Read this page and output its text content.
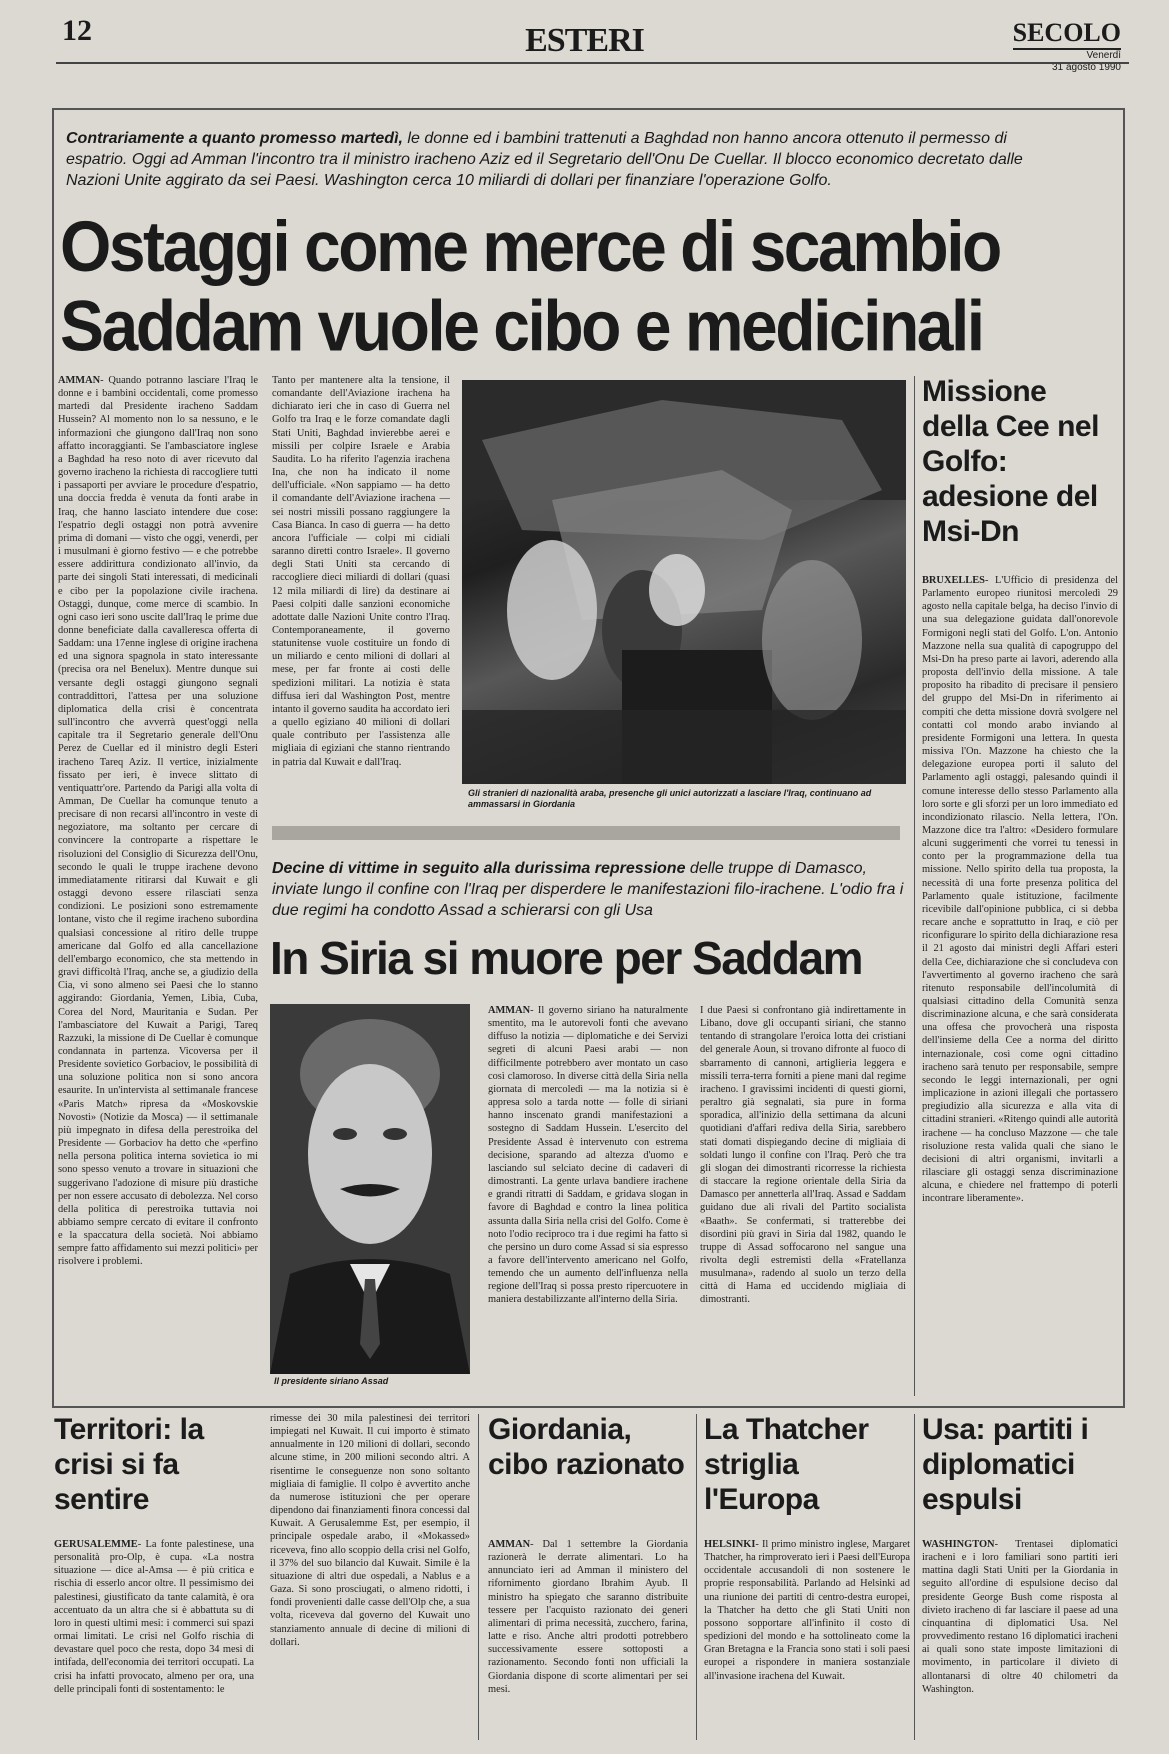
12	ESTERI	SECOLO
Venerdì
31 agosto 1990
Contrariamente a quanto promesso martedì, le donne ed i bambini trattenuti a Baghdad non hanno ancora ottenuto il permesso di espatrio. Oggi ad Amman l'incontro tra il ministro iracheno Aziz ed il Segretario dell'Onu De Cuellar. Il blocco economico decretato dalle Nazioni Unite aggirato da sei Paesi. Washington cerca 10 miliardi di dollari per finanziare l'operazione Golfo.
Ostaggi come merce di scambio
Saddam vuole cibo e medicinali
AMMAN- Quando potranno lasciare l'Iraq le donne e i bambini occidentali, come promesso martedì dal Presidente iracheno Saddam Hussein? Al momento non lo sa nessuno, e le informazioni che giungono dall'Iraq non sono affatto incoraggianti. Se l'ambasciatore inglese a Baghdad ha reso noto di aver ricevuto dal governo iracheno la richiesta di raccogliere tutti i passaporti per avviare le procedure d'espatrio, una doccia fredda è venuta da fonti arabe in Iraq, che hanno lasciato intendere due cose: l'espatrio degli ostaggi non potrà avvenire prima di domani — visto che oggi, venerdì, per i musulmani è giorno festivo — e che potrebbe essere addirittura condizionato all'invio, da parte dei singoli Stati interessati, di medicinali e cibo per la popolazione civile irachena. Ostaggi, dunque, come merce di scambio. In ogni caso ieri sono uscite dall'Iraq le prime due donne beneficiate dalla cavalleresca offerta di Saddam: una 17enne inglese di origine irachena ed una signora spagnola in stato interessante (precisa ora nel Benelux). Mentre dunque sui versante degli ostaggi giungono segnali contraddittori, l'attesa per una soluzione diplomatica della crisi è concentrata sull'incontro che avverrà quest'oggi nella capitale tra il Segretario generale dell'Onu Perez de Cuellar ed il ministro degli Esteri iracheno Tareq Aziz. Il vertice, inizialmente fissato per ieri, è invece slittato di ventiquattr'ore. Partendo da Parigi alla volta di Amman, De Cuellar ha comunque tenuto a precisare di non recarsi all'incontro in veste di negoziatore, ma soltanto per cercare di convincere la controparte a rispettare le risoluzioni del Consiglio di Sicurezza dell'Onu, secondo le quali le truppe irachene devono immediatamente ritirarsi dal Kuwait e gli ostaggi devono essere rilasciati senza condizioni. Le posizioni sono estremamente lontane, visto che il regime iracheno subordina qualsiasi concessione al ritiro delle truppe americane dal Golfo ed alla cancellazione dell'embargo economico, che sta mettendo in gravi difficoltà l'Iraq, anche se, a giudizio della Cia, vi sono almeno sei Paesi che lo stanno aggirando: Giordania, Yemen, Libia, Cuba, Corea del Nord, Mauritania e Sudan. Per l'ambasciatore del Kuwait a Parigi, Tareq Razzuki, la missione di De Cuellar è comunque condannata in partenza. Vicoversa per il Presidente sovietico Gorbaciov, le possibilità di una soluzione politica non si sono ancora esaurite. In un'intervista al settimanale francese «Paris Match» ripresa da «Moskovskie Novosti» (Notizie da Mosca) — il settimanale più impegnato in difesa della perestroika del Presidente — Gorbaciov ha detto che «perfino nella persona politica interna sovietica io mi sono spesso venuto a trovare in situazioni che suggerivano l'adozione di misure più drastiche per non essere accusato di debolezza. Nel corso della politica di perestroika tuttavia noi abbiamo sempre cercato di evitare il confronto e la spaccatura della società. Noi abbiamo sempre fatto affidamento sui mezzi politici» per risolvere i problemi.
Tanto per mantenere alta la tensione, il comandante dell'Aviazione irachena ha dichiarato ieri che in caso di Guerra nel Golfo tra Iraq e le forze comandate dagli Stati Uniti, Baghdad invierebbe aerei e missili per colpire Israele e Arabia Saudita. Lo ha riferito l'agenzia irachena Ina, che non ha indicato il nome dell'ufficiale. «Non sappiamo — ha detto il comandante dell'Aviazione irachena — sei nostri missili possano raggiungere la Casa Bianca. In caso di guerra — ha detto ancora l'ufficiale — colpi mi cidiali saranno diretti contro Israele». Il governo degli Stati Uniti sta cercando di raccogliere dieci miliardi di dollari (quasi 12 mila miliardi di lire) da destinare ai Paesi colpiti dalle sanzioni economiche adottate dalle Nazioni Unite contro l'Iraq. Contemporaneamente, il governo statunitense vuole costituire un fondo di un miliardo e cento milioni di dollari al mese, per far fronte ai costi delle spedizioni militari. La notizia è stata diffusa ieri dal Washington Post, mentre intanto il governo saudita ha accordato ieri a quello egiziano 40 milioni di dollari quale contributo per l'assistenza alle migliaia di egiziani che stanno rientrando in patria dal Kuwait e dall'Iraq.
Gli stranieri di nazionalità araba, presenche gli unici autorizzati a lasciare l'Iraq, continuano ad ammassarsi in Giordania
Missione della Cee nel Golfo: adesione del Msi-Dn
BRUXELLES- L'Ufficio di presidenza del Parlamento europeo riunitosi mercoledì 29 agosto nella capitale belga, ha deciso l'invio di una sua delegazione guidata dall'onorevole Formigoni negli stati del Golfo. L'on. Antonio Mazzone nella sua qualità di capogruppo del Msi-Dn ha preso parte ai lavori, aderendo alla proposta dell'invio della missione. A tale proposito ha ribadito di precisare il pensiero del gruppo del Msi-Dn in riferimento ai compiti che detta missione dovrà svolgere nel contatti col mondo arabo inviando al presidente Formigoni una lettera. In questa missiva l'On. Mazzone ha chiesto che la delegazione europea porti il saluto del Parlamento agli ostaggi, palesando quindi il comune interesse dello stesso Parlamento alla loro sorte e gli sforzi per un loro immediato ed incondizionato rilascio. Nella lettera, l'On. Mazzone dice tra l'altro: «Desidero formulare alcuni suggerimenti che vorrei tu tenessi in conto per la programmazione della tua missione. Nello spirito della tua proposta, la necessità di una forte presenza politica del Parlamento quale istituzione, facilmente ricevibile dall'opinione pubblica, ci si debba recare anche e soprattutto in Iraq, e ciò per riconfigurare lo spirito della dichiarazione resa il 21 agosto dai ministri degli Affari esteri della Cee, dichiarazione che si concludeva con l'avvertimento al governo iracheno che sarà ritenuto responsabile dell'incolumità di qualsiasi cittadino della Comunità senza discriminazione alcuna, e che sarà considerata una offesa che provocherà una risposta dell'insieme della Cee a norma del diritto internazionale, così come ogni cittadino iracheno sarà tenuto per responsabile, sempre secondo le leggi internazionali, per ogni implicazione in azioni illegali che portassero pregiudizio alla sicurezza e alla vita di cittadini stranieri. «Ritengo quindi alle autorità irachene — ha concluso Mazzone — che tale risoluzione resta valida quali che siano le decisioni di altri organismi, invitarli a rilasciare gli ostaggi senza discriminazione alcuna, e chiedere nel frattempo di poterli incontrare liberamente».
Decine di vittime in seguito alla durissima repressione delle truppe di Damasco, inviate lungo il confine con l'Iraq per disperdere le manifestazioni filo-irachene. L'odio fra i due regimi ha condotto Assad a schierarsi con gli Usa
In Siria si muore per Saddam
Il presidente siriano Assad
AMMAN- Il governo siriano ha naturalmente smentito, ma le autorevoli fonti che avevano diffuso la notizia — diplomatiche e dei Servizi segreti di alcuni Paesi arabi — non difficilmente potrebbero aver montato un caso così clamoroso. In diverse città della Siria nella giornata di mercoledì — ma la notizia si è appresa solo a tarda notte — folle di siriani hanno inscenato grandi manifestazioni a sostegno di Saddam Hussein. L'esercito del Presidente Assad è intervenuto con estrema decisione, sparando ad altezza d'uomo e lasciando sul selciato decine di cadaveri di dimostranti. La gente urlava bandiere irachene e grandi ritratti di Saddam, e gridava slogan in favore di Baghdad e contro la linea politica assunta dalla Siria nella crisi del Golfo. Come è noto l'odio reciproco tra i due regimi ha fatto sì che persino un duro come Assad si sia espresso a favore dell'intervento americano nel Golfo, temendo che un aumento dell'influenza nella regione dell'Iraq si possa presto ripercuotere in maniera destabilizzante all'interno della Siria.
I due Paesi si confrontano già indirettamente in Libano, dove gli occupanti siriani, che stanno tentando di strangolare l'eroica lotta dei cristiani del generale Aoun, si trovano difronte al fuoco di sbarramento di cannoni, artiglieria leggera e missili terra-terra forniti a piene mani dal regime iracheno. I gravissimi incidenti di questi giorni, peraltro già segnalati, sia pure in forma sporadica, all'inizio della settimana da alcuni quotidiani d'affari rediva della Siria, sarebbero stati domati dispiegando decine di migliaia di soldati lungo il confine con l'Iraq. Però che tra gli slogan dei dimostranti ricorresse la richiesta di staccare la regione orientale della Siria da Damasco per annetterla all'Iraq. Assad e Saddam guidano due ali rivali del Partito socialista «Baath». Se confermati, si tratterebbe dei disordini più gravi in Siria dal 1982, quando le truppe di Assad soffocarono nel sangue una rivolta degli estremisti della «Fratellanza musulmana», radendo al suolo un terzo della città di Hama ed uccidendo migliaia di dimostranti.
Territori: la crisi si fa sentire
GERUSALEMME- La fonte palestinese, una personalità pro-Olp, è cupa. «La nostra situazione — dice al-Amsa — è più critica e rischia di esserlo ancor oltre. Il pessimismo dei palestinesi, giustificato da tante calamità, è ora accentuato da un altra che si è abbattuta su di loro in questi ultimi mesi: i commerci sui spazi ormai limitati. Le crisi nel Golfo rischia di devastare quel poco che resta, dopo 34 mesi di intifada, dell'economia dei territori occupati. La crisi ha infatti provocato, almeno per ora, una delle principali fonti di sostentamento: le
rimesse dei 30 mila palestinesi dei territori impiegati nel Kuwait. Il cui importo è stimato annualmente in 120 milioni di dollari, secondo alcune stime, in 200 milioni secondo altri. A risentirne le conseguenze non sono soltanto migliaia di famiglie. Il colpo è avvertito anche da numerose istituzioni che per operare dipendono dai finanziamenti finora concessi dal Kuwait. A Gerusalemme Est, per esempio, il principale ospedale arabo, il «Mokassed» riceveva, fino allo scoppio della crisi nel Golfo, il 37% del suo bilancio dal Kuwait. Simile è la situazione di altri due ospedali, a Nablus e a Gaza. Si sono prosciugati, o almeno ridotti, i fondi provenienti dalle casse dell'Olp che, a sua volta, riceveva dal governo del Kuwait uno stanziamento annuale di decine di milioni di dollari.
Giordania, cibo razionato
AMMAN- Dal 1 settembre la Giordania razionerà le derrate alimentari. Lo ha annunciato ieri ad Amman il ministero del rifornimento giordano Ibrahim Ayub. Il ministro ha spiegato che saranno distribuite tessere per l'acquisto razionato dei generi alimentari di prima necessità, zucchero, farina, latte e riso. Anche altri prodotti potrebbero successivamente essere sottoposti a razionamento. Secondo fonti non ufficiali la Giordania dispone di scorte alimentari per sei mesi.
La Thatcher striglia l'Europa
HELSINKI- Il primo ministro inglese, Margaret Thatcher, ha rimproverato ieri i Paesi dell'Europa occidentale accusandoli di non sostenere le proprie responsabilità. Parlando ad Helsinki ad una riunione dei partiti di centro-destra europei, la Thatcher ha detto che gli Stati Uniti non possono sopportare all'infinito il costo di spedizioni del mondo e ha sottolineato come la Gran Bretagna e la Francia sono stati i soli paesi europei a rispondere in maniera sostanziale all'invasione irachena del Kuwait.
Usa: partiti i diplomatici espulsi
WASHINGTON- Trentasei diplomatici iracheni e i loro familiari sono partiti ieri mattina dagli Stati Uniti per la Giordania in seguito all'ordine di espulsione deciso dal presidente George Bush come risposta al divieto iracheno di far lasciare il paese ad una cinquantina di diplomatici Usa. Nel provvedimento restano 16 diplomatici iracheni ai quali sono state imposte limitazioni di movimento, in particolare il divieto di allontanarsi di oltre 40 chilometri da Washington.
